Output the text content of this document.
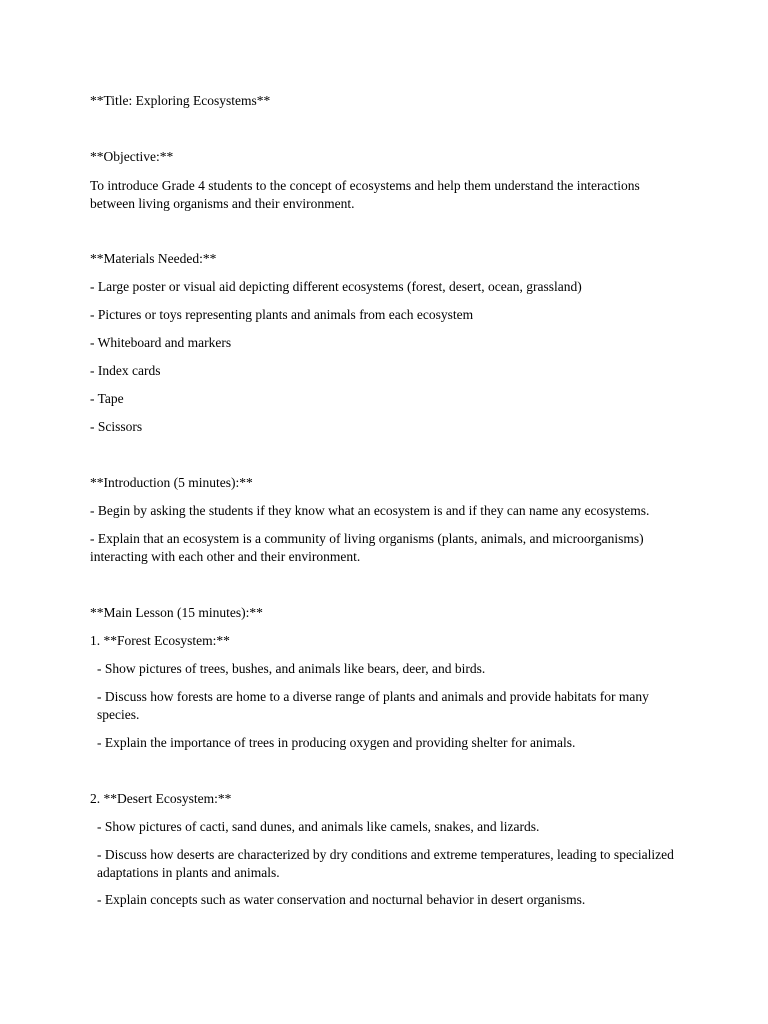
**Title: Exploring Ecosystems**

**Objective:**

To introduce Grade 4 students to the concept of ecosystems and help them understand the interactions between living organisms and their environment.

**Materials Needed:**

- Large poster or visual aid depicting different ecosystems (forest, desert, ocean, grassland)

- Pictures or toys representing plants and animals from each ecosystem

- Whiteboard and markers

- Index cards

- Tape

- Scissors

**Introduction (5 minutes):**

- Begin by asking the students if they know what an ecosystem is and if they can name any ecosystems.

- Explain that an ecosystem is a community of living organisms (plants, animals, and microorganisms) interacting with each other and their environment.

**Main Lesson (15 minutes):**

1. **Forest Ecosystem:**

- Show pictures of trees, bushes, and animals like bears, deer, and birds.

- Discuss how forests are home to a diverse range of plants and animals and provide habitats for many species.

- Explain the importance of trees in producing oxygen and providing shelter for animals.

2. **Desert Ecosystem:**

- Show pictures of cacti, sand dunes, and animals like camels, snakes, and lizards.

- Discuss how deserts are characterized by dry conditions and extreme temperatures, leading to specialized adaptations in plants and animals.

- Explain concepts such as water conservation and nocturnal behavior in desert organisms.
